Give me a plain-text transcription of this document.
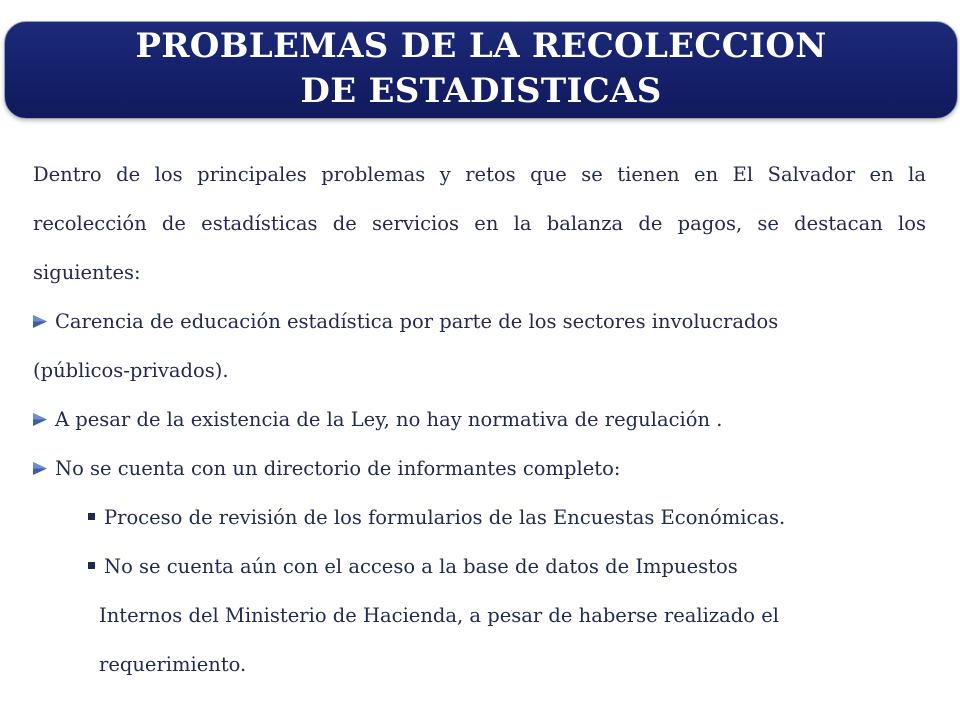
PROBLEMAS DE LA RECOLECCION
DE ESTADISTICAS

Dentro de los principales problemas y retos que se tienen en El Salvador en la recolección de estadísticas de servicios en la balanza de pagos, se destacan los siguientes:

Carencia de educación estadística por parte de los sectores involucrados

(públicos-privados).

A pesar de la existencia de la Ley, no hay normativa de regulación .

No se cuenta con un directorio de informantes completo:

Proceso de revisión de los formularios de las Encuestas Económicas.

No se cuenta aún con el acceso a la base de datos de Impuestos

Internos del Ministerio de Hacienda, a pesar de haberse realizado el

requerimiento.
